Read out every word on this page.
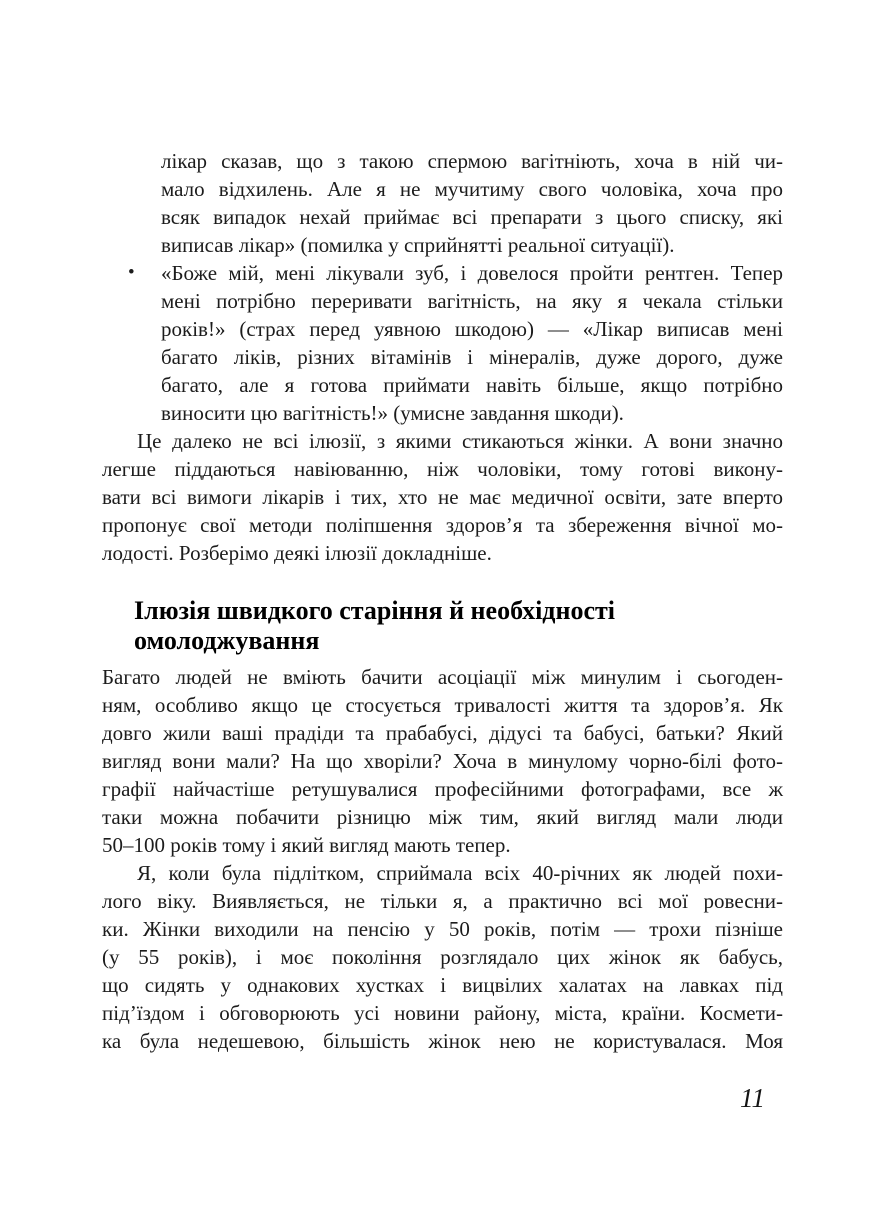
лікар сказав, що з такою спермою вагітніють, хоча в ній чи-
мало відхилень. Але я не мучитиму свого чоловіка, хоча про
всяк випадок нехай приймає всі препарати з цього списку, які
виписав лікар» (помилка у сприйнятті реальної ситуації).
• «Боже мій, мені лікували зуб, і довелося пройти рентген. Тепер
мені потрібно переривати вагітність, на яку я чекала стільки
років!» (страх перед уявною шкодою) — «Лікар виписав мені
багато ліків, різних вітамінів і мінералів, дуже дорого, дуже
багато, але я готова приймати навіть більше, якщо потрібно
виносити цю вагітність!» (умисне завдання шкоди).
Це далеко не всі ілюзії, з якими стикаються жінки. А вони значно
легше піддаються навіюванню, ніж чоловіки, тому готові викону-
вати всі вимоги лікарів і тих, хто не має медичної освіти, зате вперто
пропонує свої методи поліпшення здоров’я та збереження вічної мо-
лодості. Розберімо деякі ілюзії докладніше.
Ілюзія швидкого старіння й необхідності
омолоджування
Багато людей не вміють бачити асоціації між минулим і сьогоден-
ням, особливо якщо це стосується тривалості життя та здоров’я. Як
довго жили ваші прадіди та прабабусі, дідусі та бабусі, батьки? Який
вигляд вони мали? На що хворіли? Хоча в минулому чорно-білі фото-
графії найчастіше ретушувалися професійними фотографами, все ж
таки можна побачити різницю між тим, який вигляд мали люди
50–100 років тому і який вигляд мають тепер.
Я, коли була підлітком, сприймала всіх 40-річних як людей похи-
лого віку. Виявляється, не тільки я, а практично всі мої ровесни-
ки. Жінки виходили на пенсію у 50 років, потім — трохи пізніше
(у 55 років), і моє покоління розглядало цих жінок як бабусь,
що сидять у однакових хустках і вицвілих халатах на лавках під
під’їздом і обговорюють усі новини району, міста, країни. Космети-
ка була недешевою, більшість жінок нею не користувалася. Моя
11
